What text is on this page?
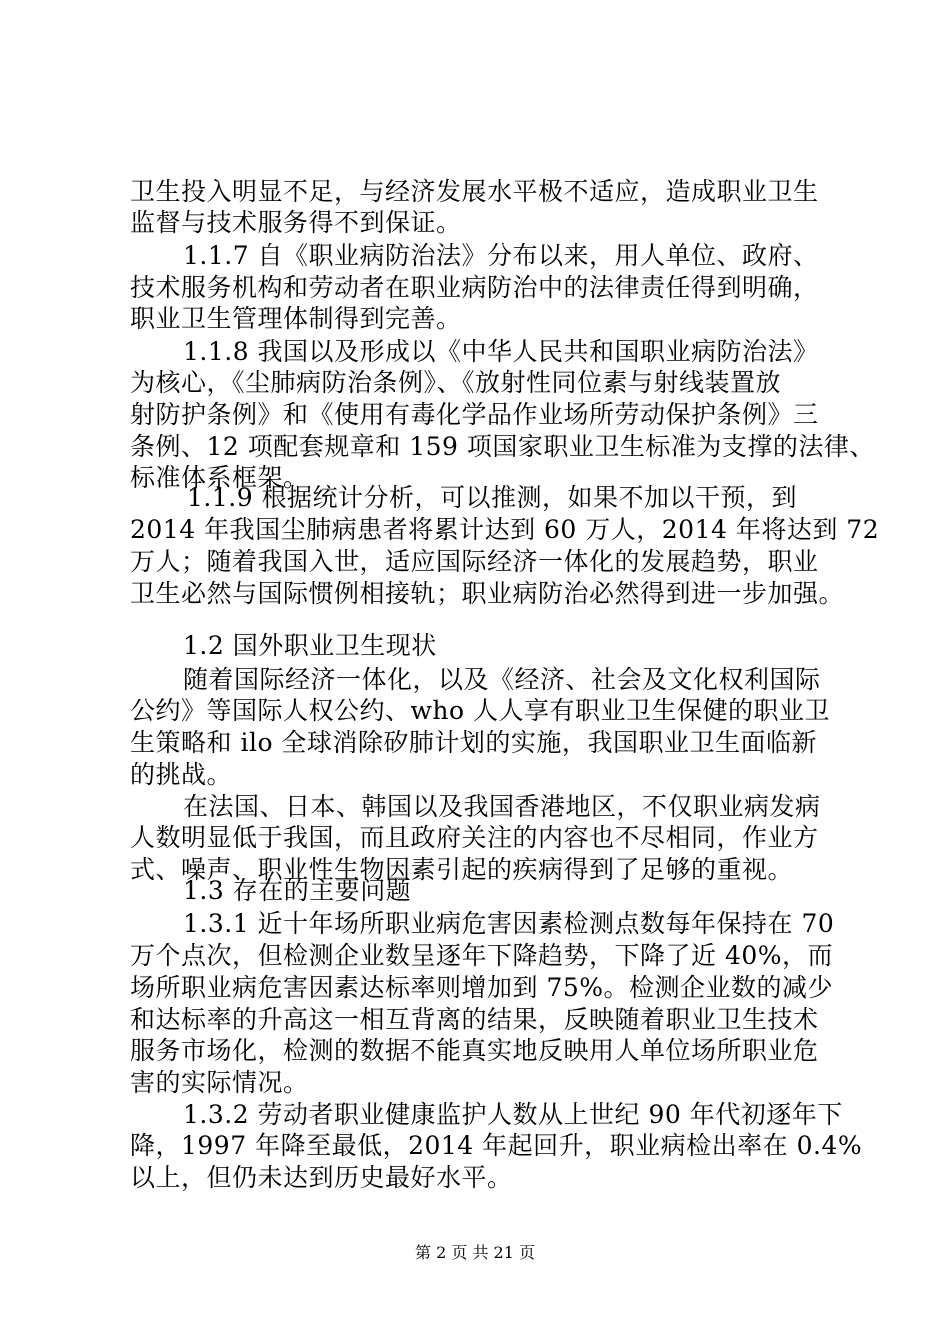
卫生投入明显不足，与经济发展水平极不适应，造成职业卫生
监督与技术服务得不到保证。
1.1.7 自《职业病防治法》分布以来，用人单位、政府、
技术服务机构和劳动者在职业病防治中的法律责任得到明确，
职业卫生管理体制得到完善。
1.1.8 我国以及形成以《中华人民共和国职业病防治法》
为核心，《尘肺病防治条例》、《放射性同位素与射线装置放
射防护条例》和《使用有毒化学品作业场所劳动保护条例》三
条例、12 项配套规章和 159 项国家职业卫生标准为支撑的法律、
标准体系框架。
1.1.9 根据统计分析，可以推测，如果不加以干预，到
2014 年我国尘肺病患者将累计达到 60 万人，2014 年将达到 72
万人；随着我国入世，适应国际经济一体化的发展趋势，职业
卫生必然与国际惯例相接轨；职业病防治必然得到进一步加强。
1.2 国外职业卫生现状
随着国际经济一体化，以及《经济、社会及文化权利国际
公约》等国际人权公约、who 人人享有职业卫生保健的职业卫
生策略和 ilo 全球消除矽肺计划的实施，我国职业卫生面临新
的挑战。
在法国、日本、韩国以及我国香港地区，不仅职业病发病
人数明显低于我国，而且政府关注的内容也不尽相同，作业方
式、噪声、职业性生物因素引起的疾病得到了足够的重视。
1.3 存在的主要问题
1.3.1 近十年场所职业病危害因素检测点数每年保持在 70
万个点次，但检测企业数呈逐年下降趋势，下降了近 40%，而
场所职业病危害因素达标率则增加到 75%。检测企业数的减少
和达标率的升高这一相互背离的结果，反映随着职业卫生技术
服务市场化，检测的数据不能真实地反映用人单位场所职业危
害的实际情况。
1.3.2 劳动者职业健康监护人数从上世纪 90 年代初逐年下
降，1997 年降至最低，2014 年起回升，职业病检出率在 0.4%
以上，但仍未达到历史最好水平。
第 2 页 共 21 页
